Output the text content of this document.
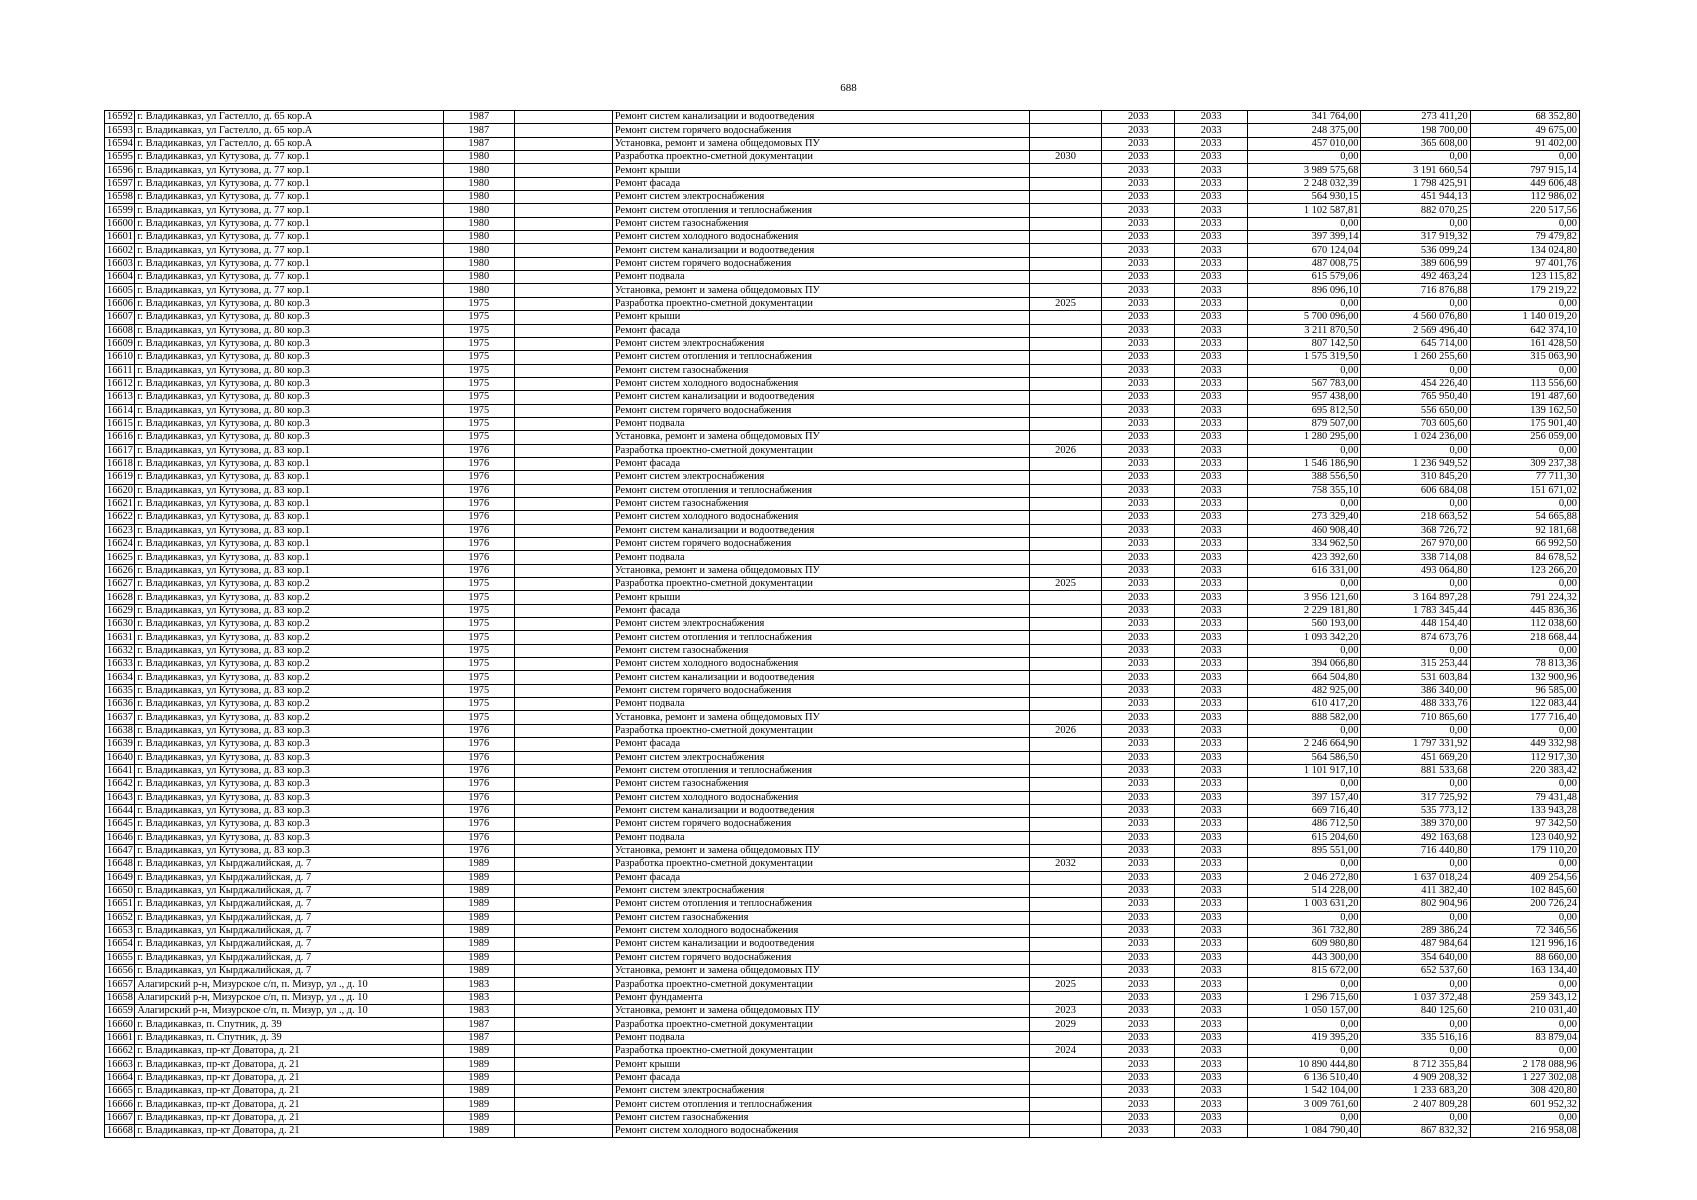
688
16592	г. Владикавказ, ул Гастелло, д. 65 кор.А	1987		Ремонт систем канализации и водоотведения		2033	2033	341 764,00	273 411,20	68 352,80
16593	г. Владикавказ, ул Гастелло, д. 65 кор.А	1987		Ремонт систем горячего водоснабжения		2033	2033	248 375,00	198 700,00	49 675,00
16594	г. Владикавказ, ул Гастелло, д. 65 кор.А	1987		Установка, ремонт и замена общедомовых ПУ		2033	2033	457 010,00	365 608,00	91 402,00
16595	г. Владикавказ, ул Кутузова, д. 77 кор.1	1980		Разработка проектно-сметной документации	2030	2033	2033	0,00	0,00	0,00
16596	г. Владикавказ, ул Кутузова, д. 77 кор.1	1980		Ремонт крыши		2033	2033	3 989 575,68	3 191 660,54	797 915,14
16597	г. Владикавказ, ул Кутузова, д. 77 кор.1	1980		Ремонт фасада		2033	2033	2 248 032,39	1 798 425,91	449 606,48
16598	г. Владикавказ, ул Кутузова, д. 77 кор.1	1980		Ремонт систем электроснабжения		2033	2033	564 930,15	451 944,13	112 986,02
16599	г. Владикавказ, ул Кутузова, д. 77 кор.1	1980		Ремонт систем отопления и теплоснабжения		2033	2033	1 102 587,81	882 070,25	220 517,56
16600	г. Владикавказ, ул Кутузова, д. 77 кор.1	1980		Ремонт систем газоснабжения		2033	2033	0,00	0,00	0,00
16601	г. Владикавказ, ул Кутузова, д. 77 кор.1	1980		Ремонт систем холодного водоснабжения		2033	2033	397 399,14	317 919,32	79 479,82
16602	г. Владикавказ, ул Кутузова, д. 77 кор.1	1980		Ремонт систем канализации и водоотведения		2033	2033	670 124,04	536 099,24	134 024,80
16603	г. Владикавказ, ул Кутузова, д. 77 кор.1	1980		Ремонт систем горячего водоснабжения		2033	2033	487 008,75	389 606,99	97 401,76
16604	г. Владикавказ, ул Кутузова, д. 77 кор.1	1980		Ремонт подвала		2033	2033	615 579,06	492 463,24	123 115,82
16605	г. Владикавказ, ул Кутузова, д. 77 кор.1	1980		Установка, ремонт и замена общедомовых ПУ		2033	2033	896 096,10	716 876,88	179 219,22
16606	г. Владикавказ, ул Кутузова, д. 80 кор.3	1975		Разработка проектно-сметной документации	2025	2033	2033	0,00	0,00	0,00
16607	г. Владикавказ, ул Кутузова, д. 80 кор.3	1975		Ремонт крыши		2033	2033	5 700 096,00	4 560 076,80	1 140 019,20
16608	г. Владикавказ, ул Кутузова, д. 80 кор.3	1975		Ремонт фасада		2033	2033	3 211 870,50	2 569 496,40	642 374,10
16609	г. Владикавказ, ул Кутузова, д. 80 кор.3	1975		Ремонт систем электроснабжения		2033	2033	807 142,50	645 714,00	161 428,50
16610	г. Владикавказ, ул Кутузова, д. 80 кор.3	1975		Ремонт систем отопления и теплоснабжения		2033	2033	1 575 319,50	1 260 255,60	315 063,90
16611	г. Владикавказ, ул Кутузова, д. 80 кор.3	1975		Ремонт систем газоснабжения		2033	2033	0,00	0,00	0,00
16612	г. Владикавказ, ул Кутузова, д. 80 кор.3	1975		Ремонт систем холодного водоснабжения		2033	2033	567 783,00	454 226,40	113 556,60
16613	г. Владикавказ, ул Кутузова, д. 80 кор.3	1975		Ремонт систем канализации и водоотведения		2033	2033	957 438,00	765 950,40	191 487,60
16614	г. Владикавказ, ул Кутузова, д. 80 кор.3	1975		Ремонт систем горячего водоснабжения		2033	2033	695 812,50	556 650,00	139 162,50
16615	г. Владикавказ, ул Кутузова, д. 80 кор.3	1975		Ремонт подвала		2033	2033	879 507,00	703 605,60	175 901,40
16616	г. Владикавказ, ул Кутузова, д. 80 кор.3	1975		Установка, ремонт и замена общедомовых ПУ		2033	2033	1 280 295,00	1 024 236,00	256 059,00
16617	г. Владикавказ, ул Кутузова, д. 83 кор.1	1976		Разработка проектно-сметной документации	2026	2033	2033	0,00	0,00	0,00
16618	г. Владикавказ, ул Кутузова, д. 83 кор.1	1976		Ремонт фасада		2033	2033	1 546 186,90	1 236 949,52	309 237,38
16619	г. Владикавказ, ул Кутузова, д. 83 кор.1	1976		Ремонт систем электроснабжения		2033	2033	388 556,50	310 845,20	77 711,30
16620	г. Владикавказ, ул Кутузова, д. 83 кор.1	1976		Ремонт систем отопления и теплоснабжения		2033	2033	758 355,10	606 684,08	151 671,02
16621	г. Владикавказ, ул Кутузова, д. 83 кор.1	1976		Ремонт систем газоснабжения		2033	2033	0,00	0,00	0,00
16622	г. Владикавказ, ул Кутузова, д. 83 кор.1	1976		Ремонт систем холодного водоснабжения		2033	2033	273 329,40	218 663,52	54 665,88
16623	г. Владикавказ, ул Кутузова, д. 83 кор.1	1976		Ремонт систем канализации и водоотведения		2033	2033	460 908,40	368 726,72	92 181,68
16624	г. Владикавказ, ул Кутузова, д. 83 кор.1	1976		Ремонт систем горячего водоснабжения		2033	2033	334 962,50	267 970,00	66 992,50
16625	г. Владикавказ, ул Кутузова, д. 83 кор.1	1976		Ремонт подвала		2033	2033	423 392,60	338 714,08	84 678,52
16626	г. Владикавказ, ул Кутузова, д. 83 кор.1	1976		Установка, ремонт и замена общедомовых ПУ		2033	2033	616 331,00	493 064,80	123 266,20
16627	г. Владикавказ, ул Кутузова, д. 83 кор.2	1975		Разработка проектно-сметной документации	2025	2033	2033	0,00	0,00	0,00
16628	г. Владикавказ, ул Кутузова, д. 83 кор.2	1975		Ремонт крыши		2033	2033	3 956 121,60	3 164 897,28	791 224,32
16629	г. Владикавказ, ул Кутузова, д. 83 кор.2	1975		Ремонт фасада		2033	2033	2 229 181,80	1 783 345,44	445 836,36
16630	г. Владикавказ, ул Кутузова, д. 83 кор.2	1975		Ремонт систем электроснабжения		2033	2033	560 193,00	448 154,40	112 038,60
16631	г. Владикавказ, ул Кутузова, д. 83 кор.2	1975		Ремонт систем отопления и теплоснабжения		2033	2033	1 093 342,20	874 673,76	218 668,44
16632	г. Владикавказ, ул Кутузова, д. 83 кор.2	1975		Ремонт систем газоснабжения		2033	2033	0,00	0,00	0,00
16633	г. Владикавказ, ул Кутузова, д. 83 кор.2	1975		Ремонт систем холодного водоснабжения		2033	2033	394 066,80	315 253,44	78 813,36
16634	г. Владикавказ, ул Кутузова, д. 83 кор.2	1975		Ремонт систем канализации и водоотведения		2033	2033	664 504,80	531 603,84	132 900,96
16635	г. Владикавказ, ул Кутузова, д. 83 кор.2	1975		Ремонт систем горячего водоснабжения		2033	2033	482 925,00	386 340,00	96 585,00
16636	г. Владикавказ, ул Кутузова, д. 83 кор.2	1975		Ремонт подвала		2033	2033	610 417,20	488 333,76	122 083,44
16637	г. Владикавказ, ул Кутузова, д. 83 кор.2	1975		Установка, ремонт и замена общедомовых ПУ		2033	2033	888 582,00	710 865,60	177 716,40
16638	г. Владикавказ, ул Кутузова, д. 83 кор.3	1976		Разработка проектно-сметной документации	2026	2033	2033	0,00	0,00	0,00
16639	г. Владикавказ, ул Кутузова, д. 83 кор.3	1976		Ремонт фасада		2033	2033	2 246 664,90	1 797 331,92	449 332,98
16640	г. Владикавказ, ул Кутузова, д. 83 кор.3	1976		Ремонт систем электроснабжения		2033	2033	564 586,50	451 669,20	112 917,30
16641	г. Владикавказ, ул Кутузова, д. 83 кор.3	1976		Ремонт систем отопления и теплоснабжения		2033	2033	1 101 917,10	881 533,68	220 383,42
16642	г. Владикавказ, ул Кутузова, д. 83 кор.3	1976		Ремонт систем газоснабжения		2033	2033	0,00	0,00	0,00
16643	г. Владикавказ, ул Кутузова, д. 83 кор.3	1976		Ремонт систем холодного водоснабжения		2033	2033	397 157,40	317 725,92	79 431,48
16644	г. Владикавказ, ул Кутузова, д. 83 кор.3	1976		Ремонт систем канализации и водоотведения		2033	2033	669 716,40	535 773,12	133 943,28
16645	г. Владикавказ, ул Кутузова, д. 83 кор.3	1976		Ремонт систем горячего водоснабжения		2033	2033	486 712,50	389 370,00	97 342,50
16646	г. Владикавказ, ул Кутузова, д. 83 кор.3	1976		Ремонт подвала		2033	2033	615 204,60	492 163,68	123 040,92
16647	г. Владикавказ, ул Кутузова, д. 83 кор.3	1976		Установка, ремонт и замена общедомовых ПУ		2033	2033	895 551,00	716 440,80	179 110,20
16648	г. Владикавказ, ул Кырджалийская, д. 7	1989		Разработка проектно-сметной документации	2032	2033	2033	0,00	0,00	0,00
16649	г. Владикавказ, ул Кырджалийская, д. 7	1989		Ремонт фасада		2033	2033	2 046 272,80	1 637 018,24	409 254,56
16650	г. Владикавказ, ул Кырджалийская, д. 7	1989		Ремонт систем электроснабжения		2033	2033	514 228,00	411 382,40	102 845,60
16651	г. Владикавказ, ул Кырджалийская, д. 7	1989		Ремонт систем отопления и теплоснабжения		2033	2033	1 003 631,20	802 904,96	200 726,24
16652	г. Владикавказ, ул Кырджалийская, д. 7	1989		Ремонт систем газоснабжения		2033	2033	0,00	0,00	0,00
16653	г. Владикавказ, ул Кырджалийская, д. 7	1989		Ремонт систем холодного водоснабжения		2033	2033	361 732,80	289 386,24	72 346,56
16654	г. Владикавказ, ул Кырджалийская, д. 7	1989		Ремонт систем канализации и водоотведения		2033	2033	609 980,80	487 984,64	121 996,16
16655	г. Владикавказ, ул Кырджалийская, д. 7	1989		Ремонт систем горячего водоснабжения		2033	2033	443 300,00	354 640,00	88 660,00
16656	г. Владикавказ, ул Кырджалийская, д. 7	1989		Установка, ремонт и замена общедомовых ПУ		2033	2033	815 672,00	652 537,60	163 134,40
16657	Алагирский р-н, Мизурское с/п, п. Мизур, ул ., д. 10	1983		Разработка проектно-сметной документации	2025	2033	2033	0,00	0,00	0,00
16658	Алагирский р-н, Мизурское с/п, п. Мизур, ул ., д. 10	1983		Ремонт фундамента		2033	2033	1 296 715,60	1 037 372,48	259 343,12
16659	Алагирский р-н, Мизурское с/п, п. Мизур, ул ., д. 10	1983		Установка, ремонт и замена общедомовых ПУ	2023	2033	2033	1 050 157,00	840 125,60	210 031,40
16660	г. Владикавказ, п. Спутник, д. 39	1987		Разработка проектно-сметной документации	2029	2033	2033	0,00	0,00	0,00
16661	г. Владикавказ, п. Спутник, д. 39	1987		Ремонт подвала		2033	2033	419 395,20	335 516,16	83 879,04
16662	г. Владикавказ, пр-кт Доватора, д. 21	1989		Разработка проектно-сметной документации	2024	2033	2033	0,00	0,00	0,00
16663	г. Владикавказ, пр-кт Доватора, д. 21	1989		Ремонт крыши		2033	2033	10 890 444,80	8 712 355,84	2 178 088,96
16664	г. Владикавказ, пр-кт Доватора, д. 21	1989		Ремонт фасада		2033	2033	6 136 510,40	4 909 208,32	1 227 302,08
16665	г. Владикавказ, пр-кт Доватора, д. 21	1989		Ремонт систем электроснабжения		2033	2033	1 542 104,00	1 233 683,20	308 420,80
16666	г. Владикавказ, пр-кт Доватора, д. 21	1989		Ремонт систем отопления и теплоснабжения		2033	2033	3 009 761,60	2 407 809,28	601 952,32
16667	г. Владикавказ, пр-кт Доватора, д. 21	1989		Ремонт систем газоснабжения		2033	2033	0,00	0,00	0,00
16668	г. Владикавказ, пр-кт Доватора, д. 21	1989		Ремонт систем холодного водоснабжения		2033	2033	1 084 790,40	867 832,32	216 958,08
